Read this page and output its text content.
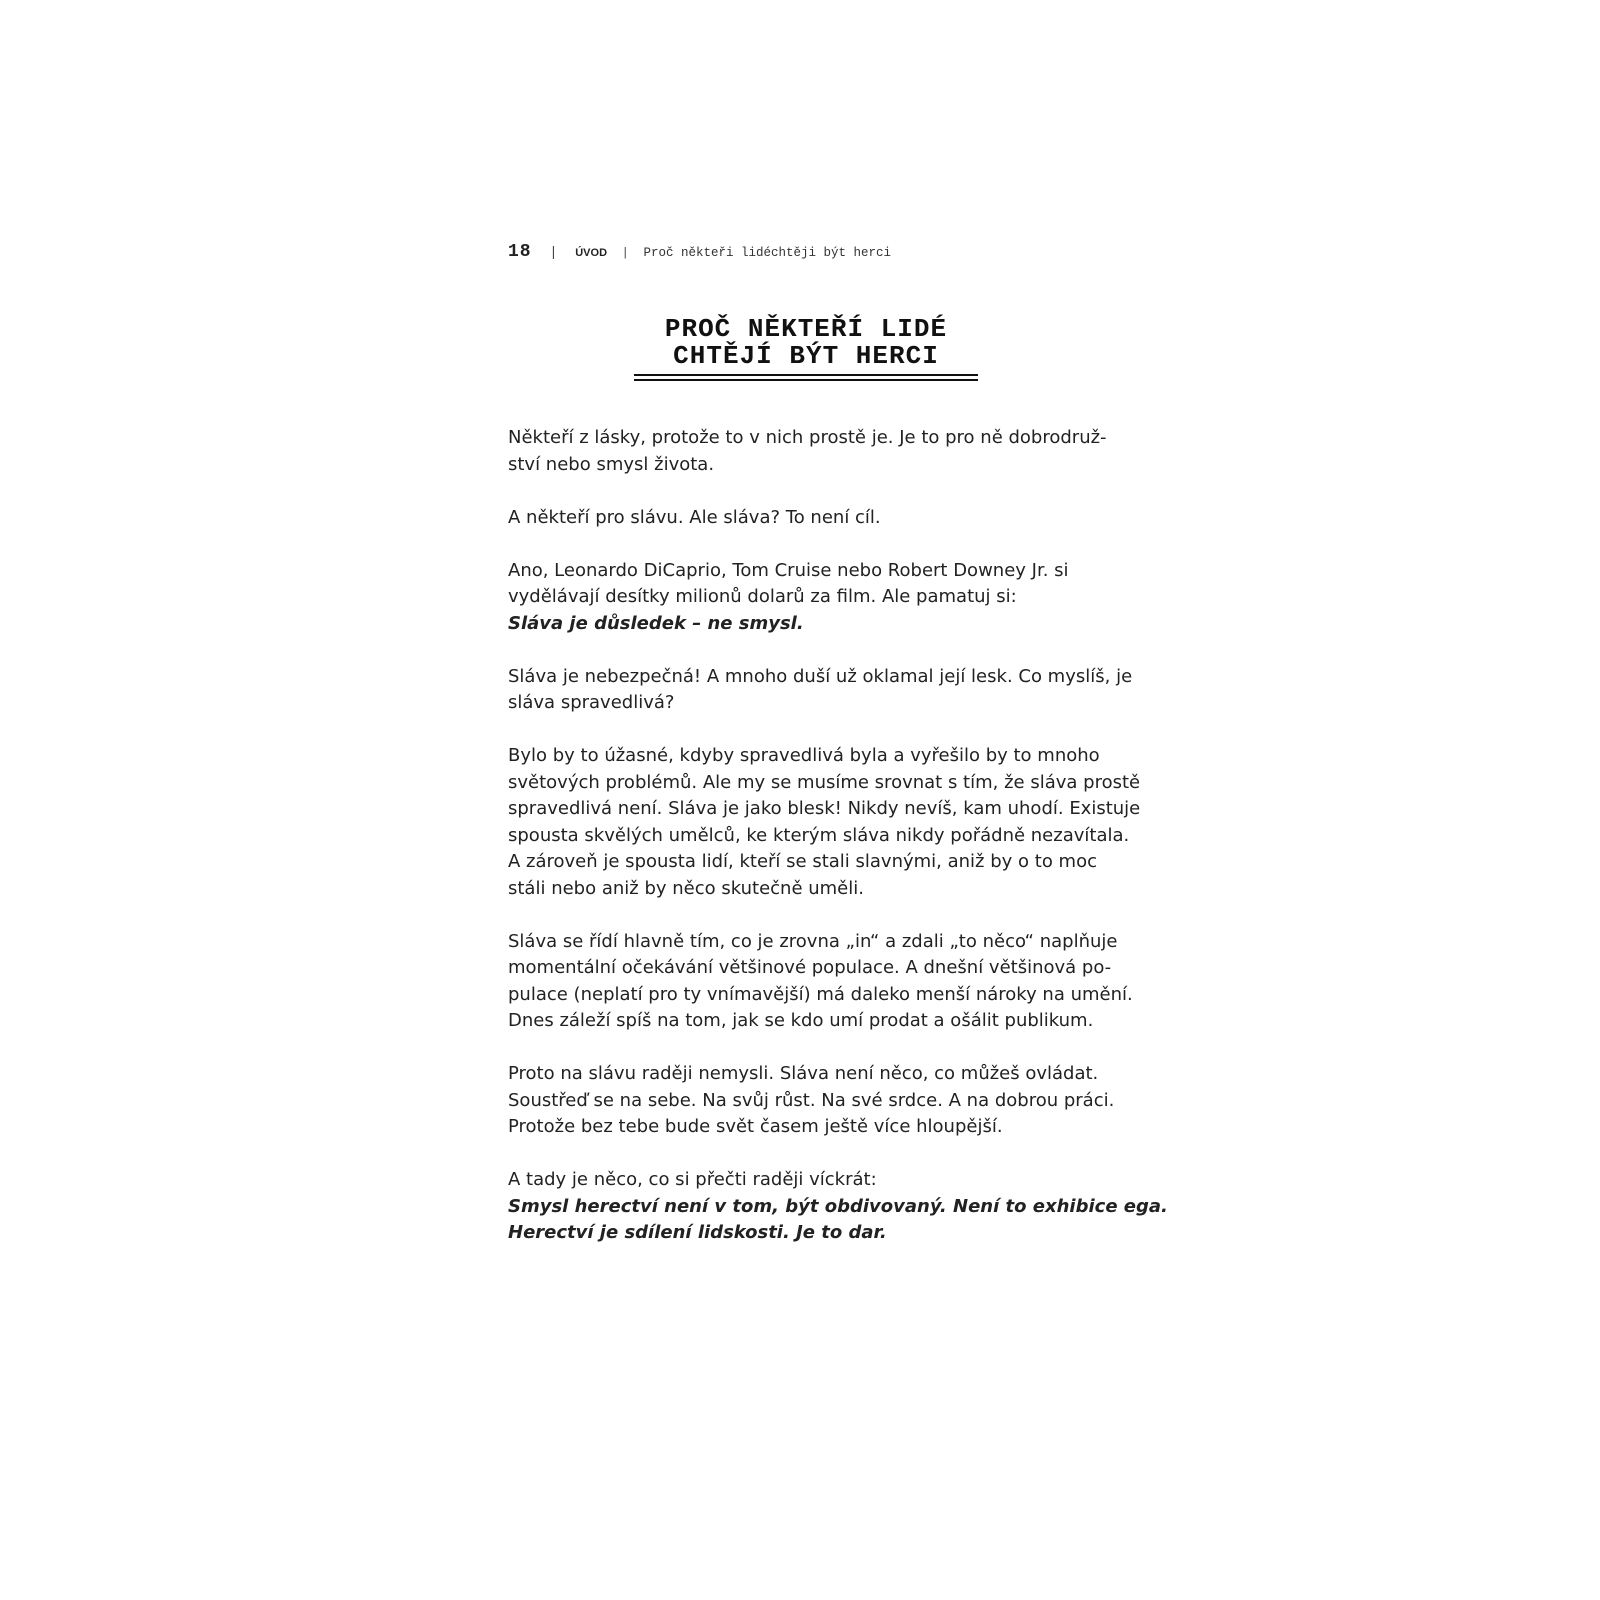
18 | ÚVOD | Proč někteři lidéchtěji být herci
PROČ NĚKTEŘÍ LIDÉ
CHTĚJÍ BÝT HERCI
Někteří z lásky, protože to v nich prostě je. Je to pro ně dobrodruž-
ství nebo smysl života.
A někteří pro slávu. Ale sláva? To není cíl.
Ano, Leonardo DiCaprio, Tom Cruise nebo Robert Downey Jr. si
vydělávají desítky milionů dolarů za film. Ale pamatuj si:
Sláva je důsledek – ne smysl.
Sláva je nebezpečná! A mnoho duší už oklamal její lesk. Co myslíš, je
sláva spravedlivá?
Bylo by to úžasné, kdyby spravedlivá byla a vyřešilo by to mnoho
světových problémů. Ale my se musíme srovnat s tím, že sláva prostě
spravedlivá není. Sláva je jako blesk! Nikdy nevíš, kam uhodí. Existuje
spousta skvělých umělců, ke kterým sláva nikdy pořádně nezavítala.
A zároveň je spousta lidí, kteří se stali slavnými, aniž by o to moc
stáli nebo aniž by něco skutečně uměli.
Sláva se řídí hlavně tím, co je zrovna „in“ a zdali „to něco“ naplňuje
momentální očekávání většinové populace. A dnešní většinová po-
pulace (neplatí pro ty vnímavější) má daleko menší nároky na umění.
Dnes záleží spíš na tom, jak se kdo umí prodat a ošálit publikum.
Proto na slávu raději nemysli. Sláva není něco, co můžeš ovládat.
Soustřeď se na sebe. Na svůj růst. Na své srdce. A na dobrou práci.
Protože bez tebe bude svět časem ještě více hloupější.
A tady je něco, co si přečti raději víckrát:
Smysl herectví není v tom, být obdivovaný. Není to exhibice ega.
Herectví je sdílení lidskosti. Je to dar.
